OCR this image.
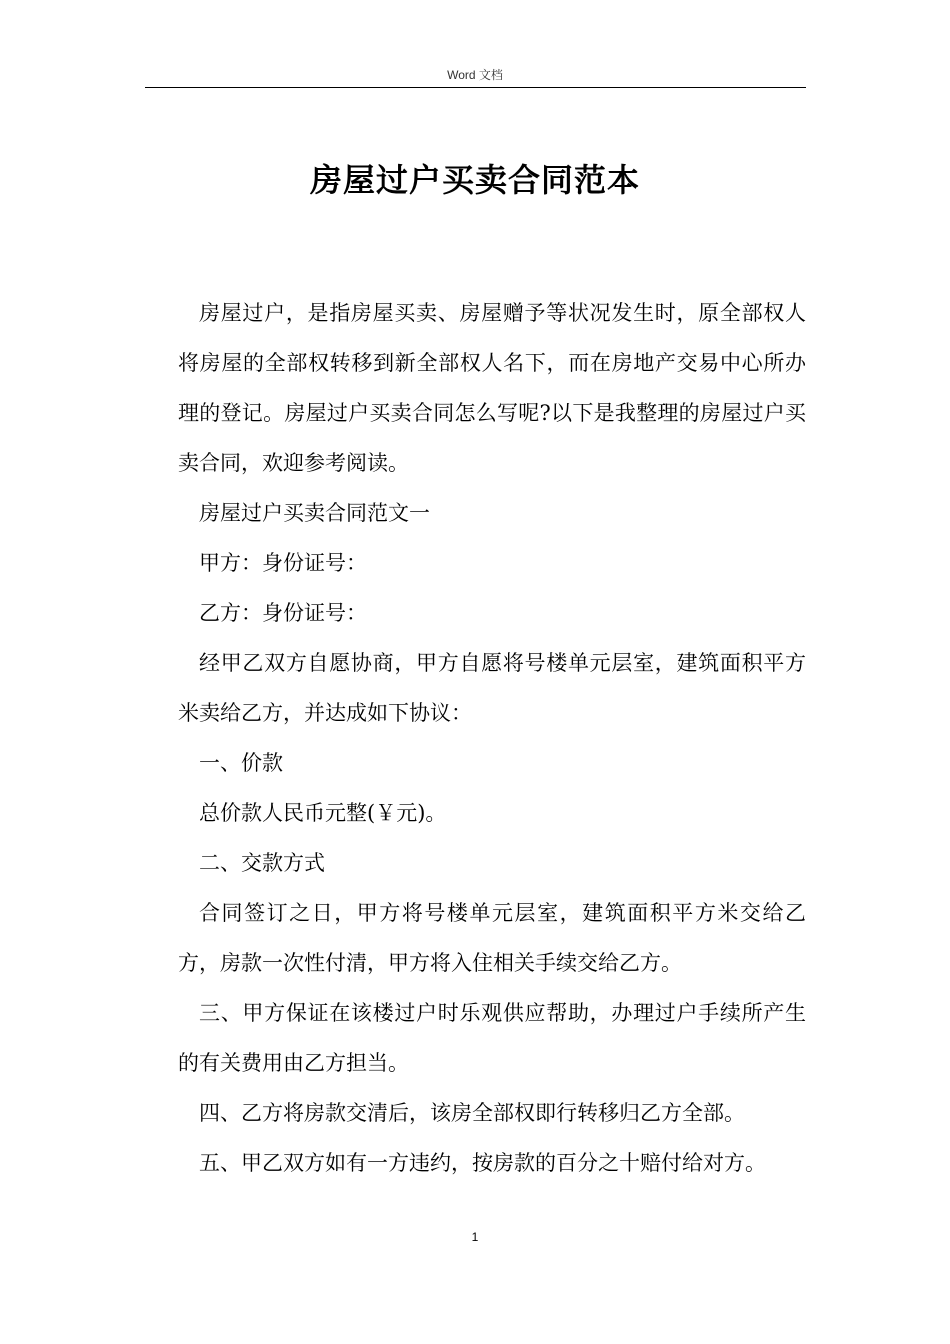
Word 文档
房屋过户买卖合同范本

房屋过户，是指房屋买卖、房屋赠予等状况发生时，原全部权人将房屋的全部权转移到新全部权人名下，而在房地产交易中心所办理的登记。房屋过户买卖合同怎么写呢?以下是我整理的房屋过户买卖合同，欢迎参考阅读。

房屋过户买卖合同范文一

甲方：身份证号：

乙方：身份证号：

经甲乙双方自愿协商，甲方自愿将号楼单元层室，建筑面积平方米卖给乙方，并达成如下协议：

一、价款

总价款人民币元整(￥元)。

二、交款方式

合同签订之日，甲方将号楼单元层室，建筑面积平方米交给乙方，房款一次性付清，甲方将入住相关手续交给乙方。

三、甲方保证在该楼过户时乐观供应帮助，办理过户手续所产生的有关费用由乙方担当。

四、乙方将房款交清后，该房全部权即行转移归乙方全部。

五、甲乙双方如有一方违约，按房款的百分之十赔付给对方。

1
